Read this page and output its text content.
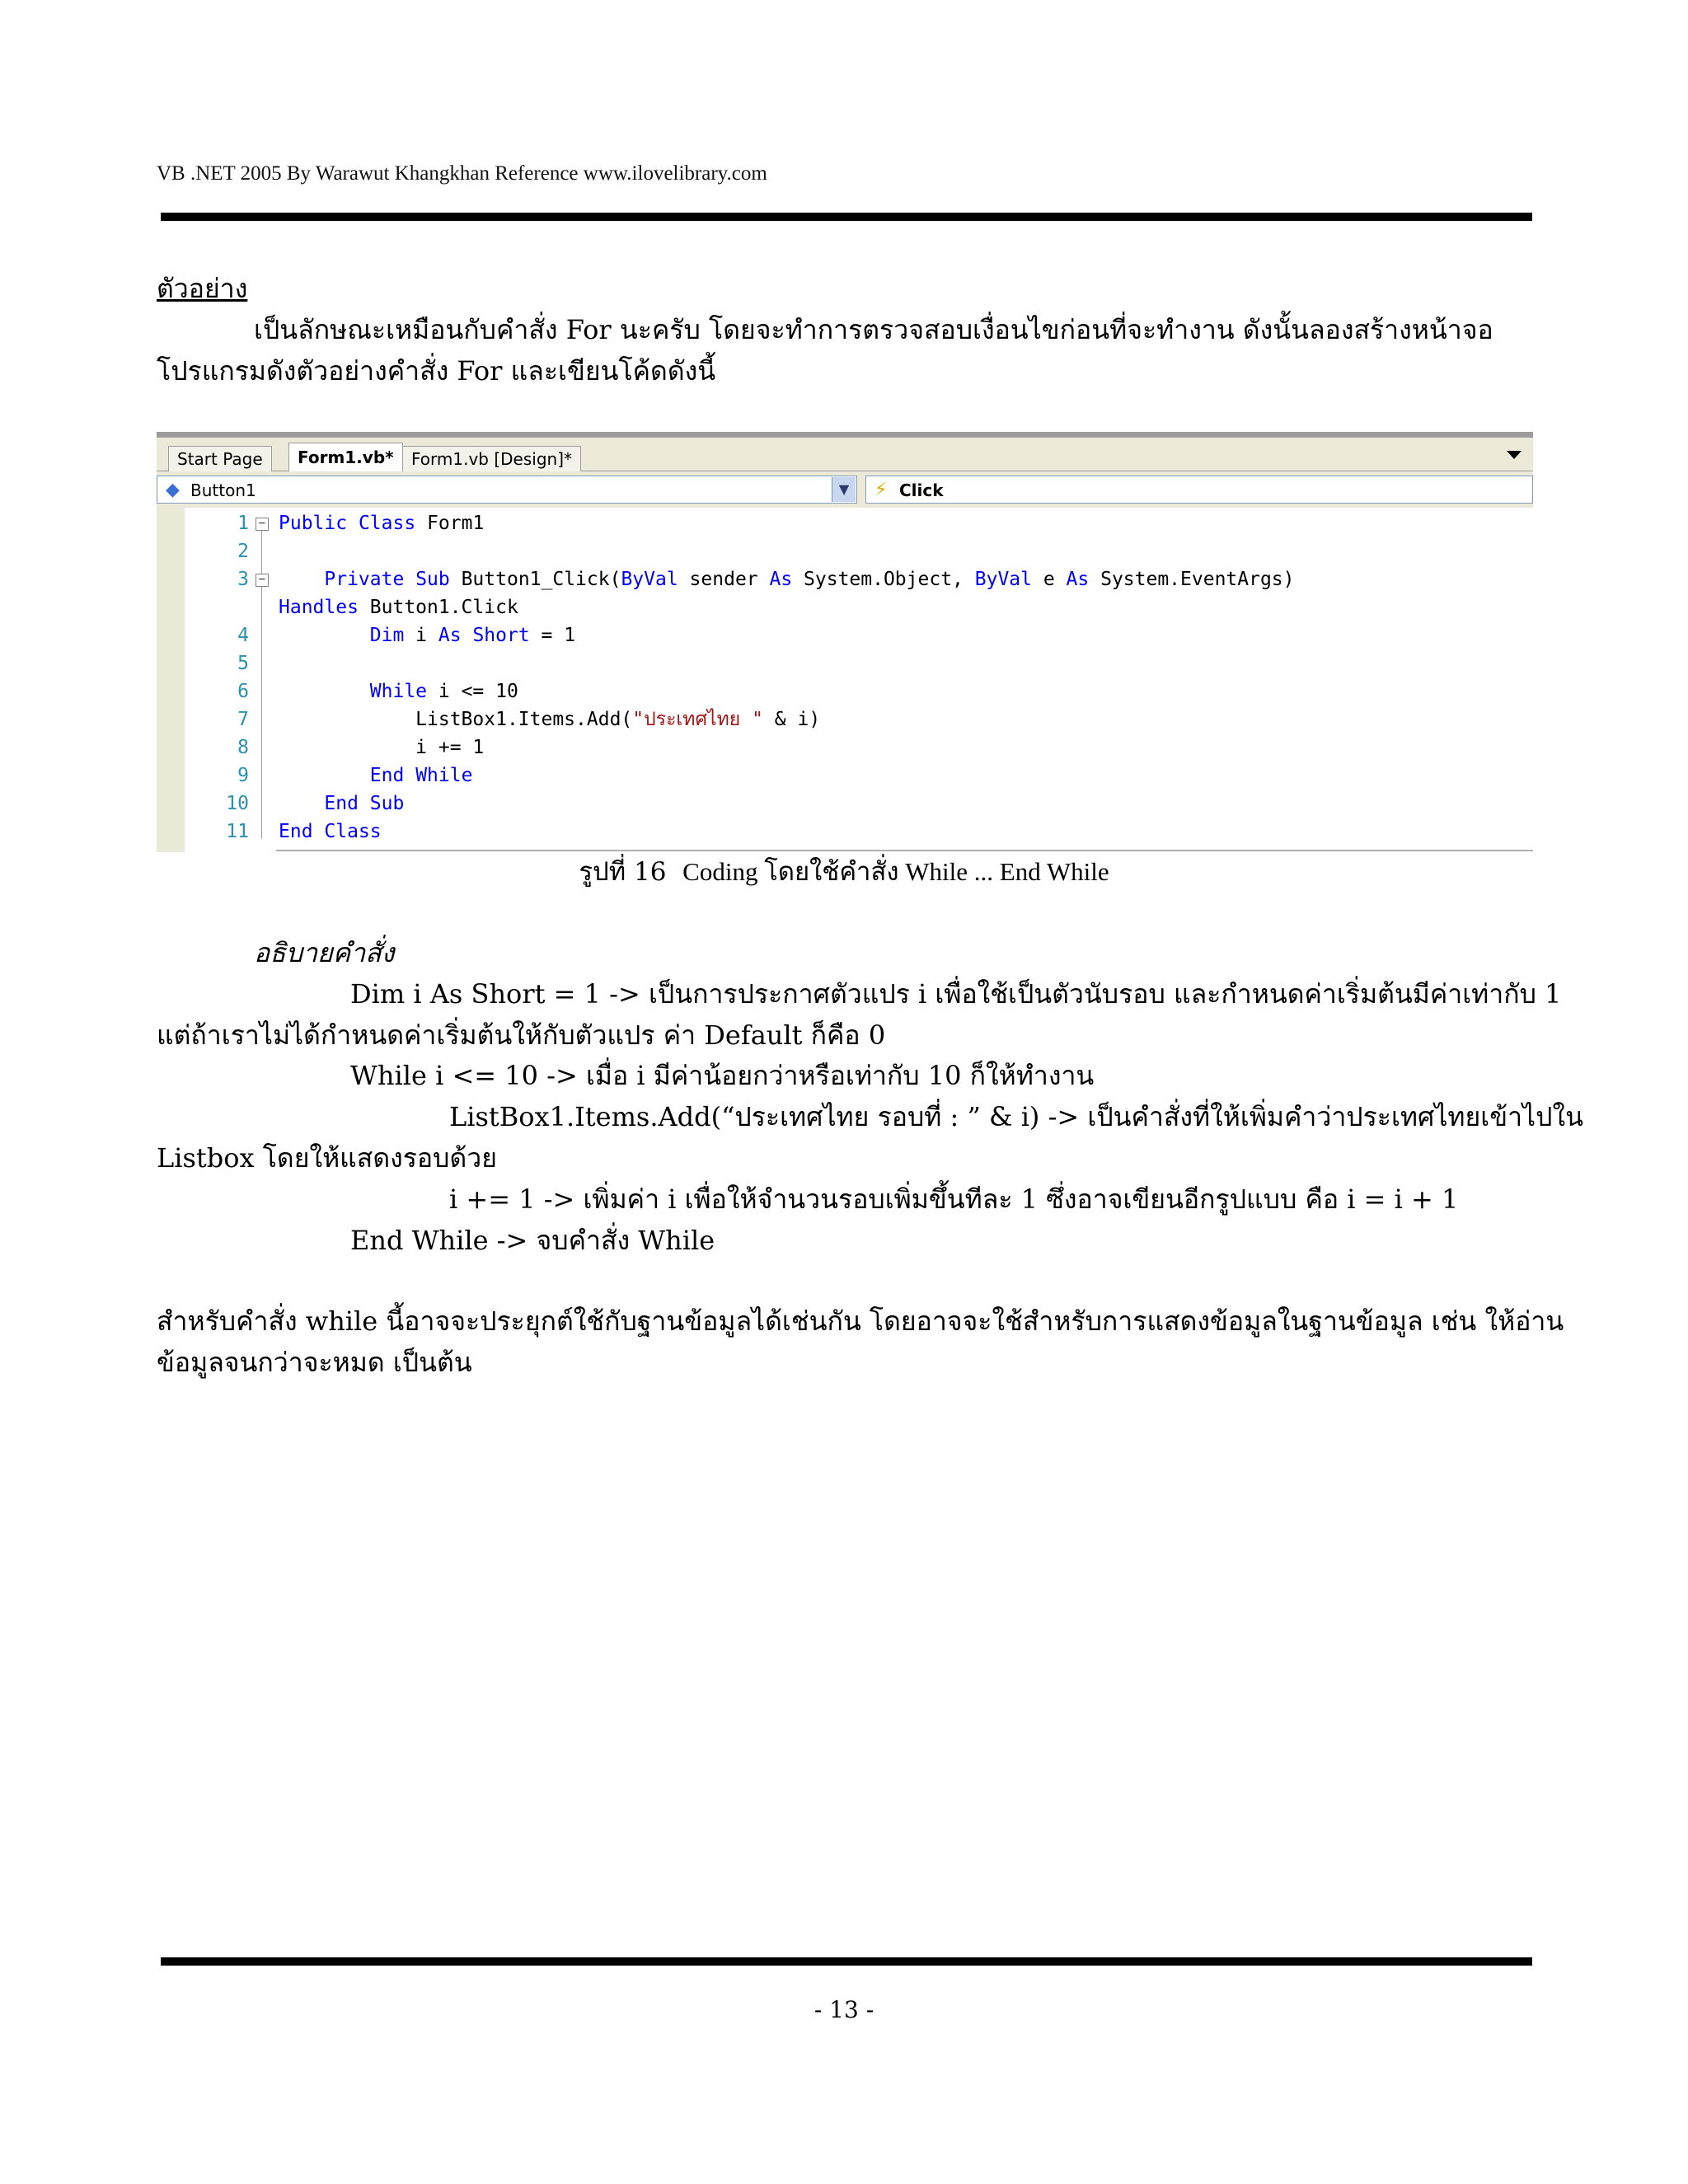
VB .NET 2005 By Warawut Khangkhan Reference www.ilovelibrary.com
ตัวอย่าง
เป็นลักษณะเหมือนกับคำสั่ง For นะครับ โดยจะทำการตรวจสอบเงื่อนไขก่อนที่จะทำงาน ดังนั้นลองสร้างหน้าจอ
โปรแกรมดังตัวอย่างคำสั่ง For และเขียนโค้ดดังนี้
Start Page	Form1.vb*	Form1.vb [Design]*
◆ Button1	▼	⚡ Click
1 − Public Class Form1
2
3 −	Private Sub Button1_Click(ByVal sender As System.Object, ByVal e As System.EventArgs)
Handles Button1.Click
4	Dim i As Short = 1
5
6	While i <= 10
7 ListBox1.Items.Add("ประเทศไทย " & i)
8 i += 1
9	End While
10	End Sub
11 End Class
รูปที่ 16 Coding โดยใช้คำสั่ง While ... End While
อธิบายคำสั่ง
Dim i As Short = 1 -> เป็นการประกาศตัวแปร i เพื่อใช้เป็นตัวนับรอบ และกำหนดค่าเริ่มต้นมีค่าเท่ากับ 1
แต่ถ้าเราไม่ได้กำหนดค่าเริ่มต้นให้กับตัวแปร ค่า Default ก็คือ 0
While i <= 10 -> เมื่อ i มีค่าน้อยกว่าหรือเท่ากับ 10 ก็ให้ทำงาน
ListBox1.Items.Add(“ประเทศไทย รอบที่ : ” & i) -> เป็นคำสั่งที่ให้เพิ่มคำว่าประเทศไทยเข้าไปใน
Listbox โดยให้แสดงรอบด้วย
i += 1 -> เพิ่มค่า i เพื่อให้จำนวนรอบเพิ่มขึ้นทีละ 1 ซึ่งอาจเขียนอีกรูปแบบ คือ i = i + 1
End While -> จบคำสั่ง While
สำหรับคำสั่ง while นี้อาจจะประยุกต์ใช้กับฐานข้อมูลได้เช่นกัน โดยอาจจะใช้สำหรับการแสดงข้อมูลในฐานข้อมูล เช่น ให้อ่าน
ข้อมูลจนกว่าจะหมด เป็นต้น
- 13 -
